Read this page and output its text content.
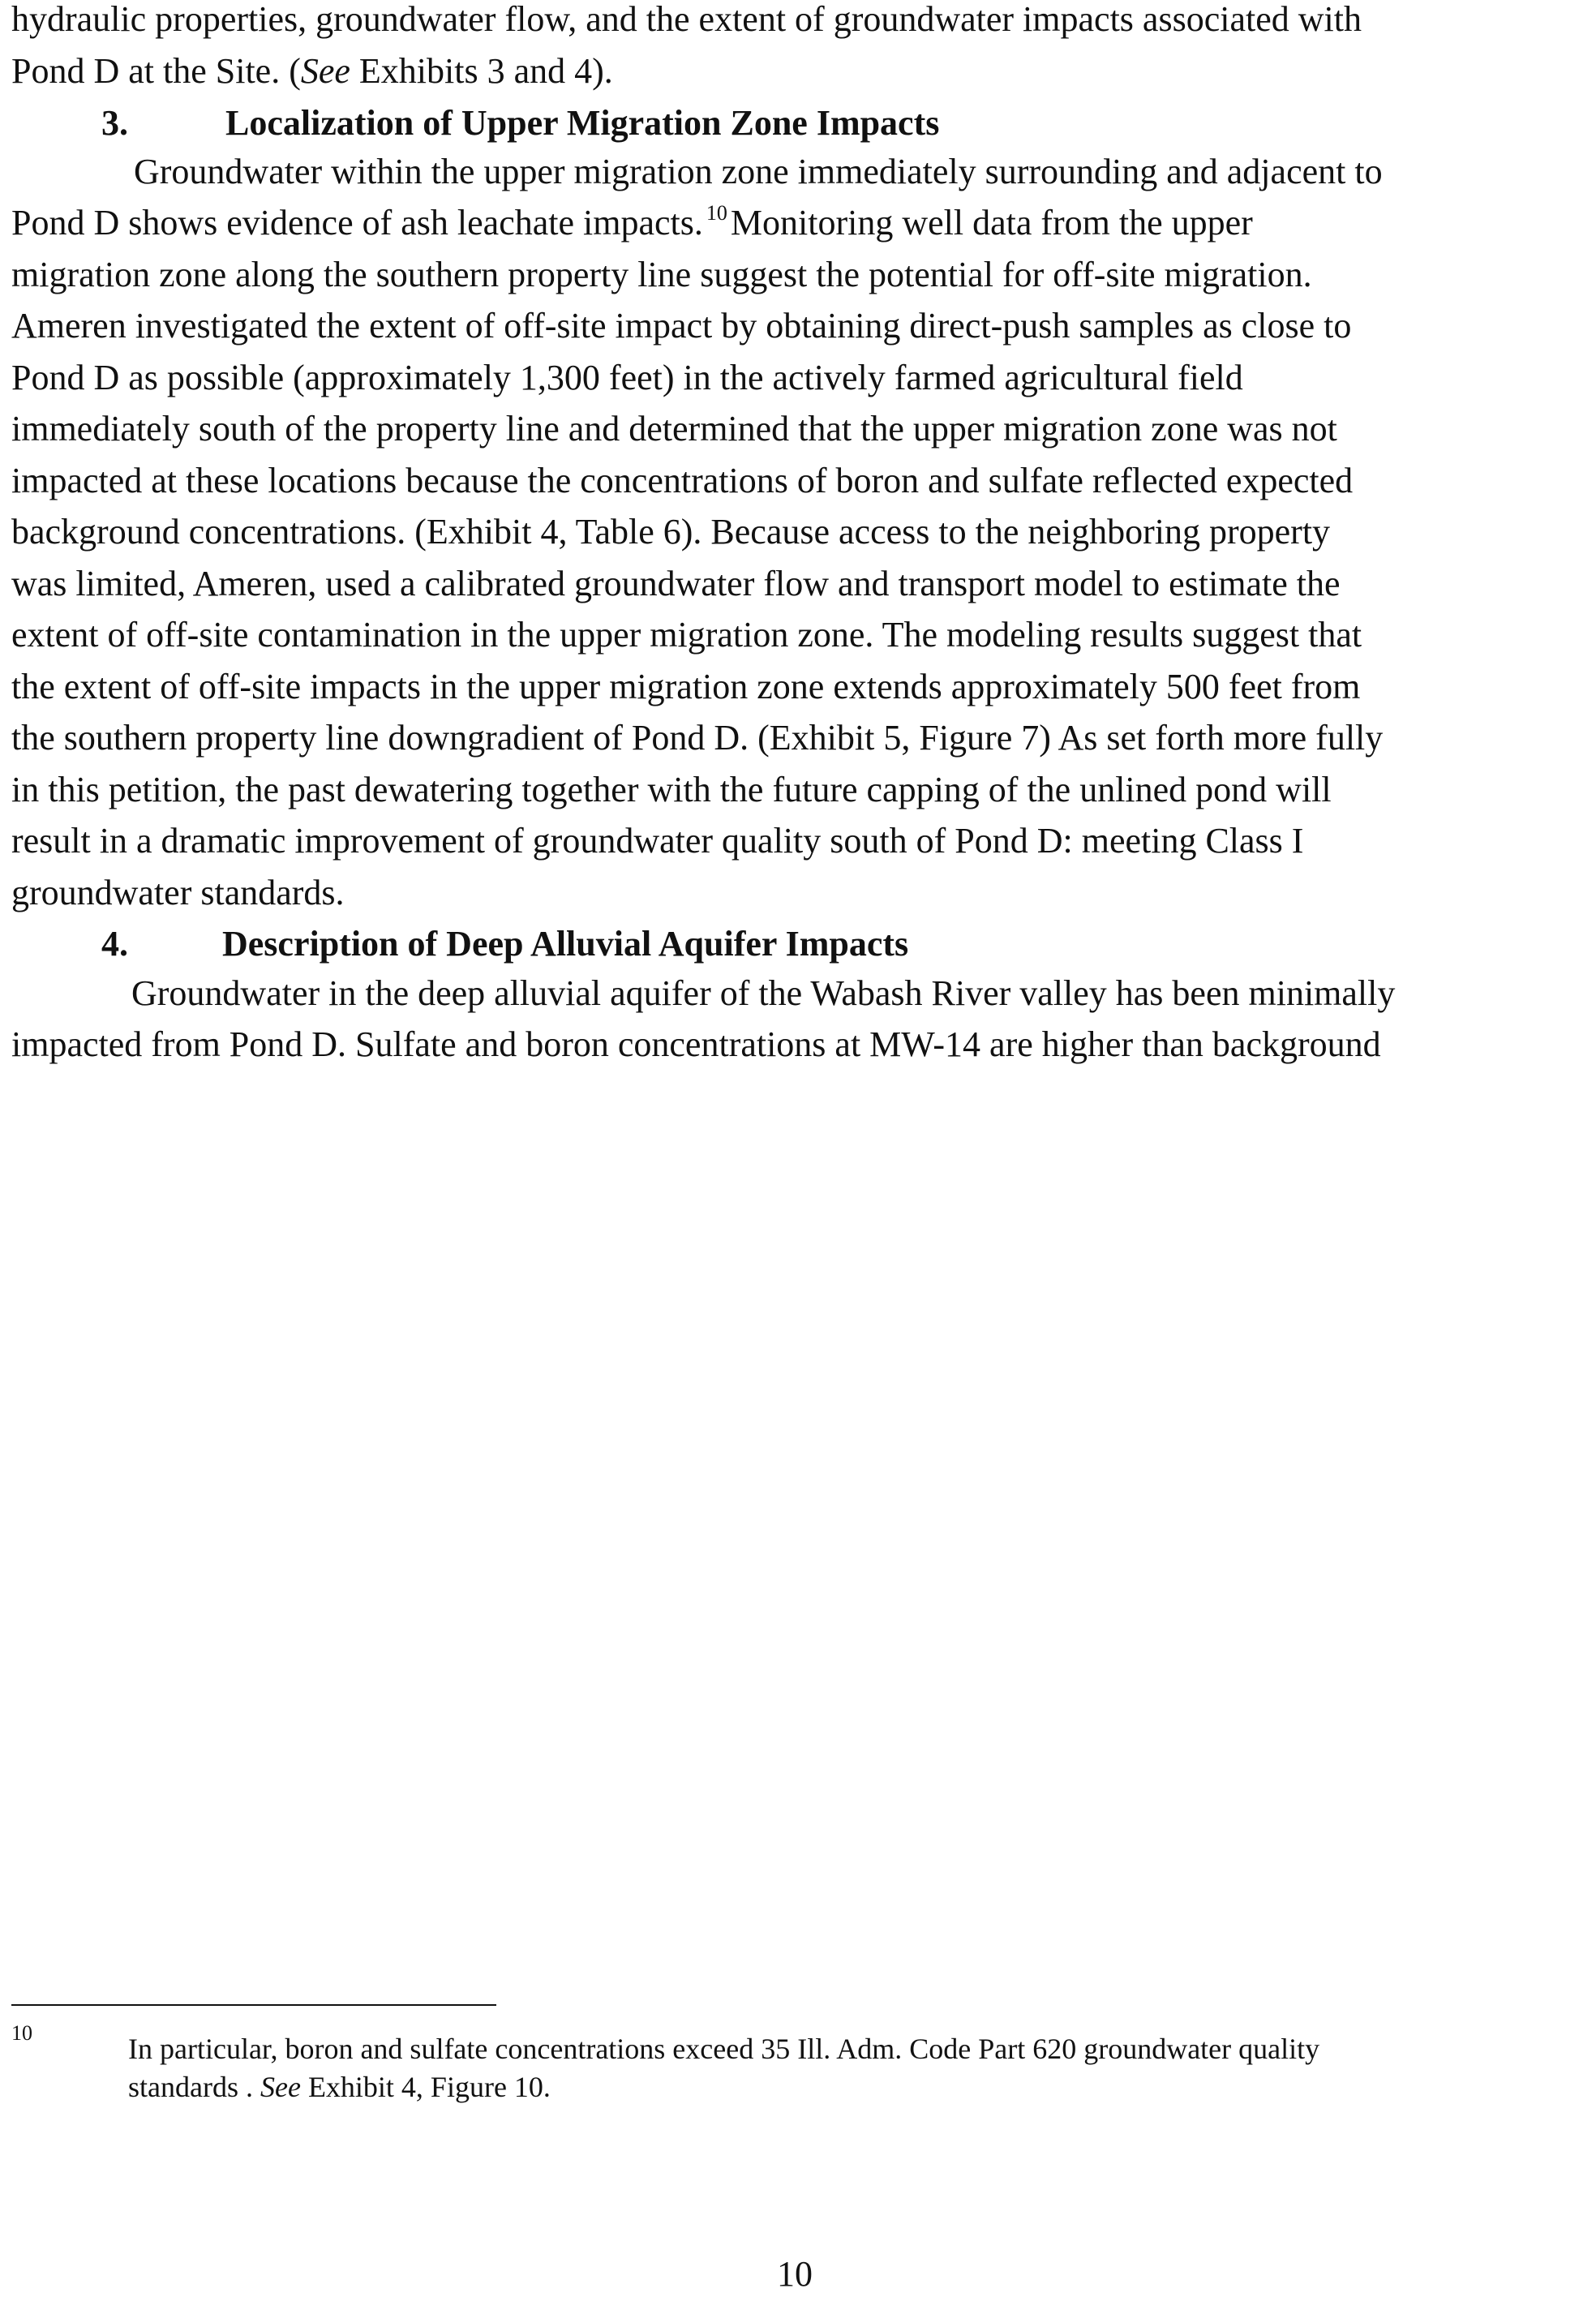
hydraulic properties, groundwater flow, and the extent of groundwater impacts associated with
Pond D at the Site. (See Exhibits 3 and 4).
3.	Localization of Upper Migration Zone Impacts
Groundwater within the upper migration zone immediately surrounding and adjacent to
Pond D shows evidence of ash leachate impacts. $^{10}$Monitoring well data from the upper
migration zone along the southern property line suggest the potential for off-site migration.
Ameren investigated the extent of off-site impact by obtaining direct-push samples as close to
Pond D as possible (approximately 1,300 feet) in the actively farmed agricultural field
immediately south of the property line and determined that the upper migration zone was not
impacted at these locations because the concentrations of boron and sulfate reflected expected
background concentrations. (Exhibit 4, Table 6). Because access to the neighboring property
was limited, Ameren, used a calibrated groundwater flow and transport model to estimate the
extent of off-site contamination in the upper migration zone. The modeling results suggest that
the extent of off-site impacts in the upper migration zone extends approximately 500 feet from
the southern property line downgradient of Pond D. (Exhibit 5, Figure 7) As set forth more fully
in this petition, the past dewatering together with the future capping of the unlined pond will
result in a dramatic improvement of groundwater quality south of Pond D: meeting Class I
groundwater standards.
4.	Description of Deep Alluvial Aquifer Impacts
Groundwater in the deep alluvial aquifer of the Wabash River valley has been minimally
impacted from Pond D. Sulfate and boron concentrations at MW-14 are higher than background
10	In particular, boron and sulfate concentrations exceed 35 Ill. Adm. Code Part 620 groundwater quality
standards . See Exhibit 4, Figure 10.
10
